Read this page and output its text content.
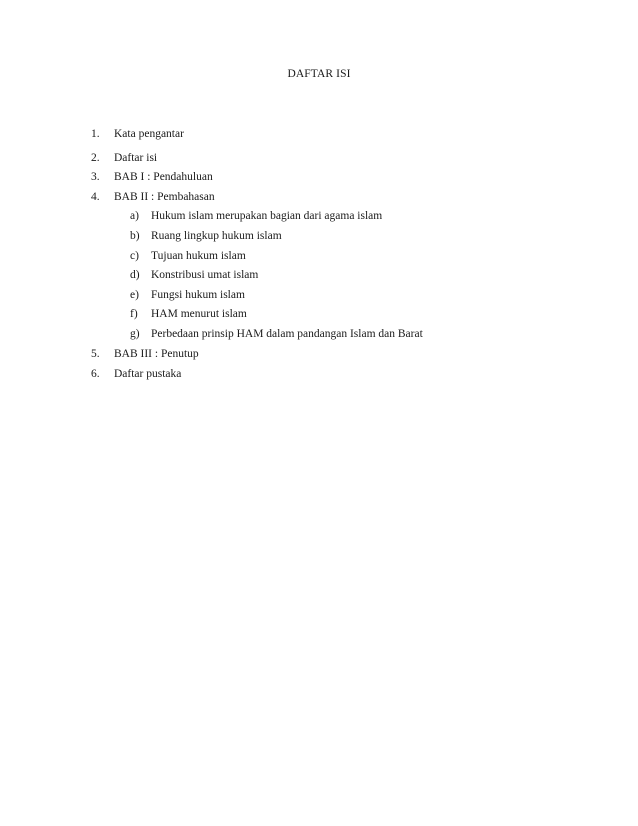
DAFTAR ISI
1. Kata pengantar
2. Daftar isi
3. BAB I : Pendahuluan
4. BAB II : Pembahasan
a) Hukum islam merupakan bagian dari agama islam
b) Ruang lingkup hukum islam
c) Tujuan hukum islam
d) Konstribusi umat islam
e) Fungsi hukum islam
f) HAM menurut islam
g) Perbedaan prinsip HAM dalam pandangan Islam dan Barat
5. BAB III : Penutup
6. Daftar pustaka
